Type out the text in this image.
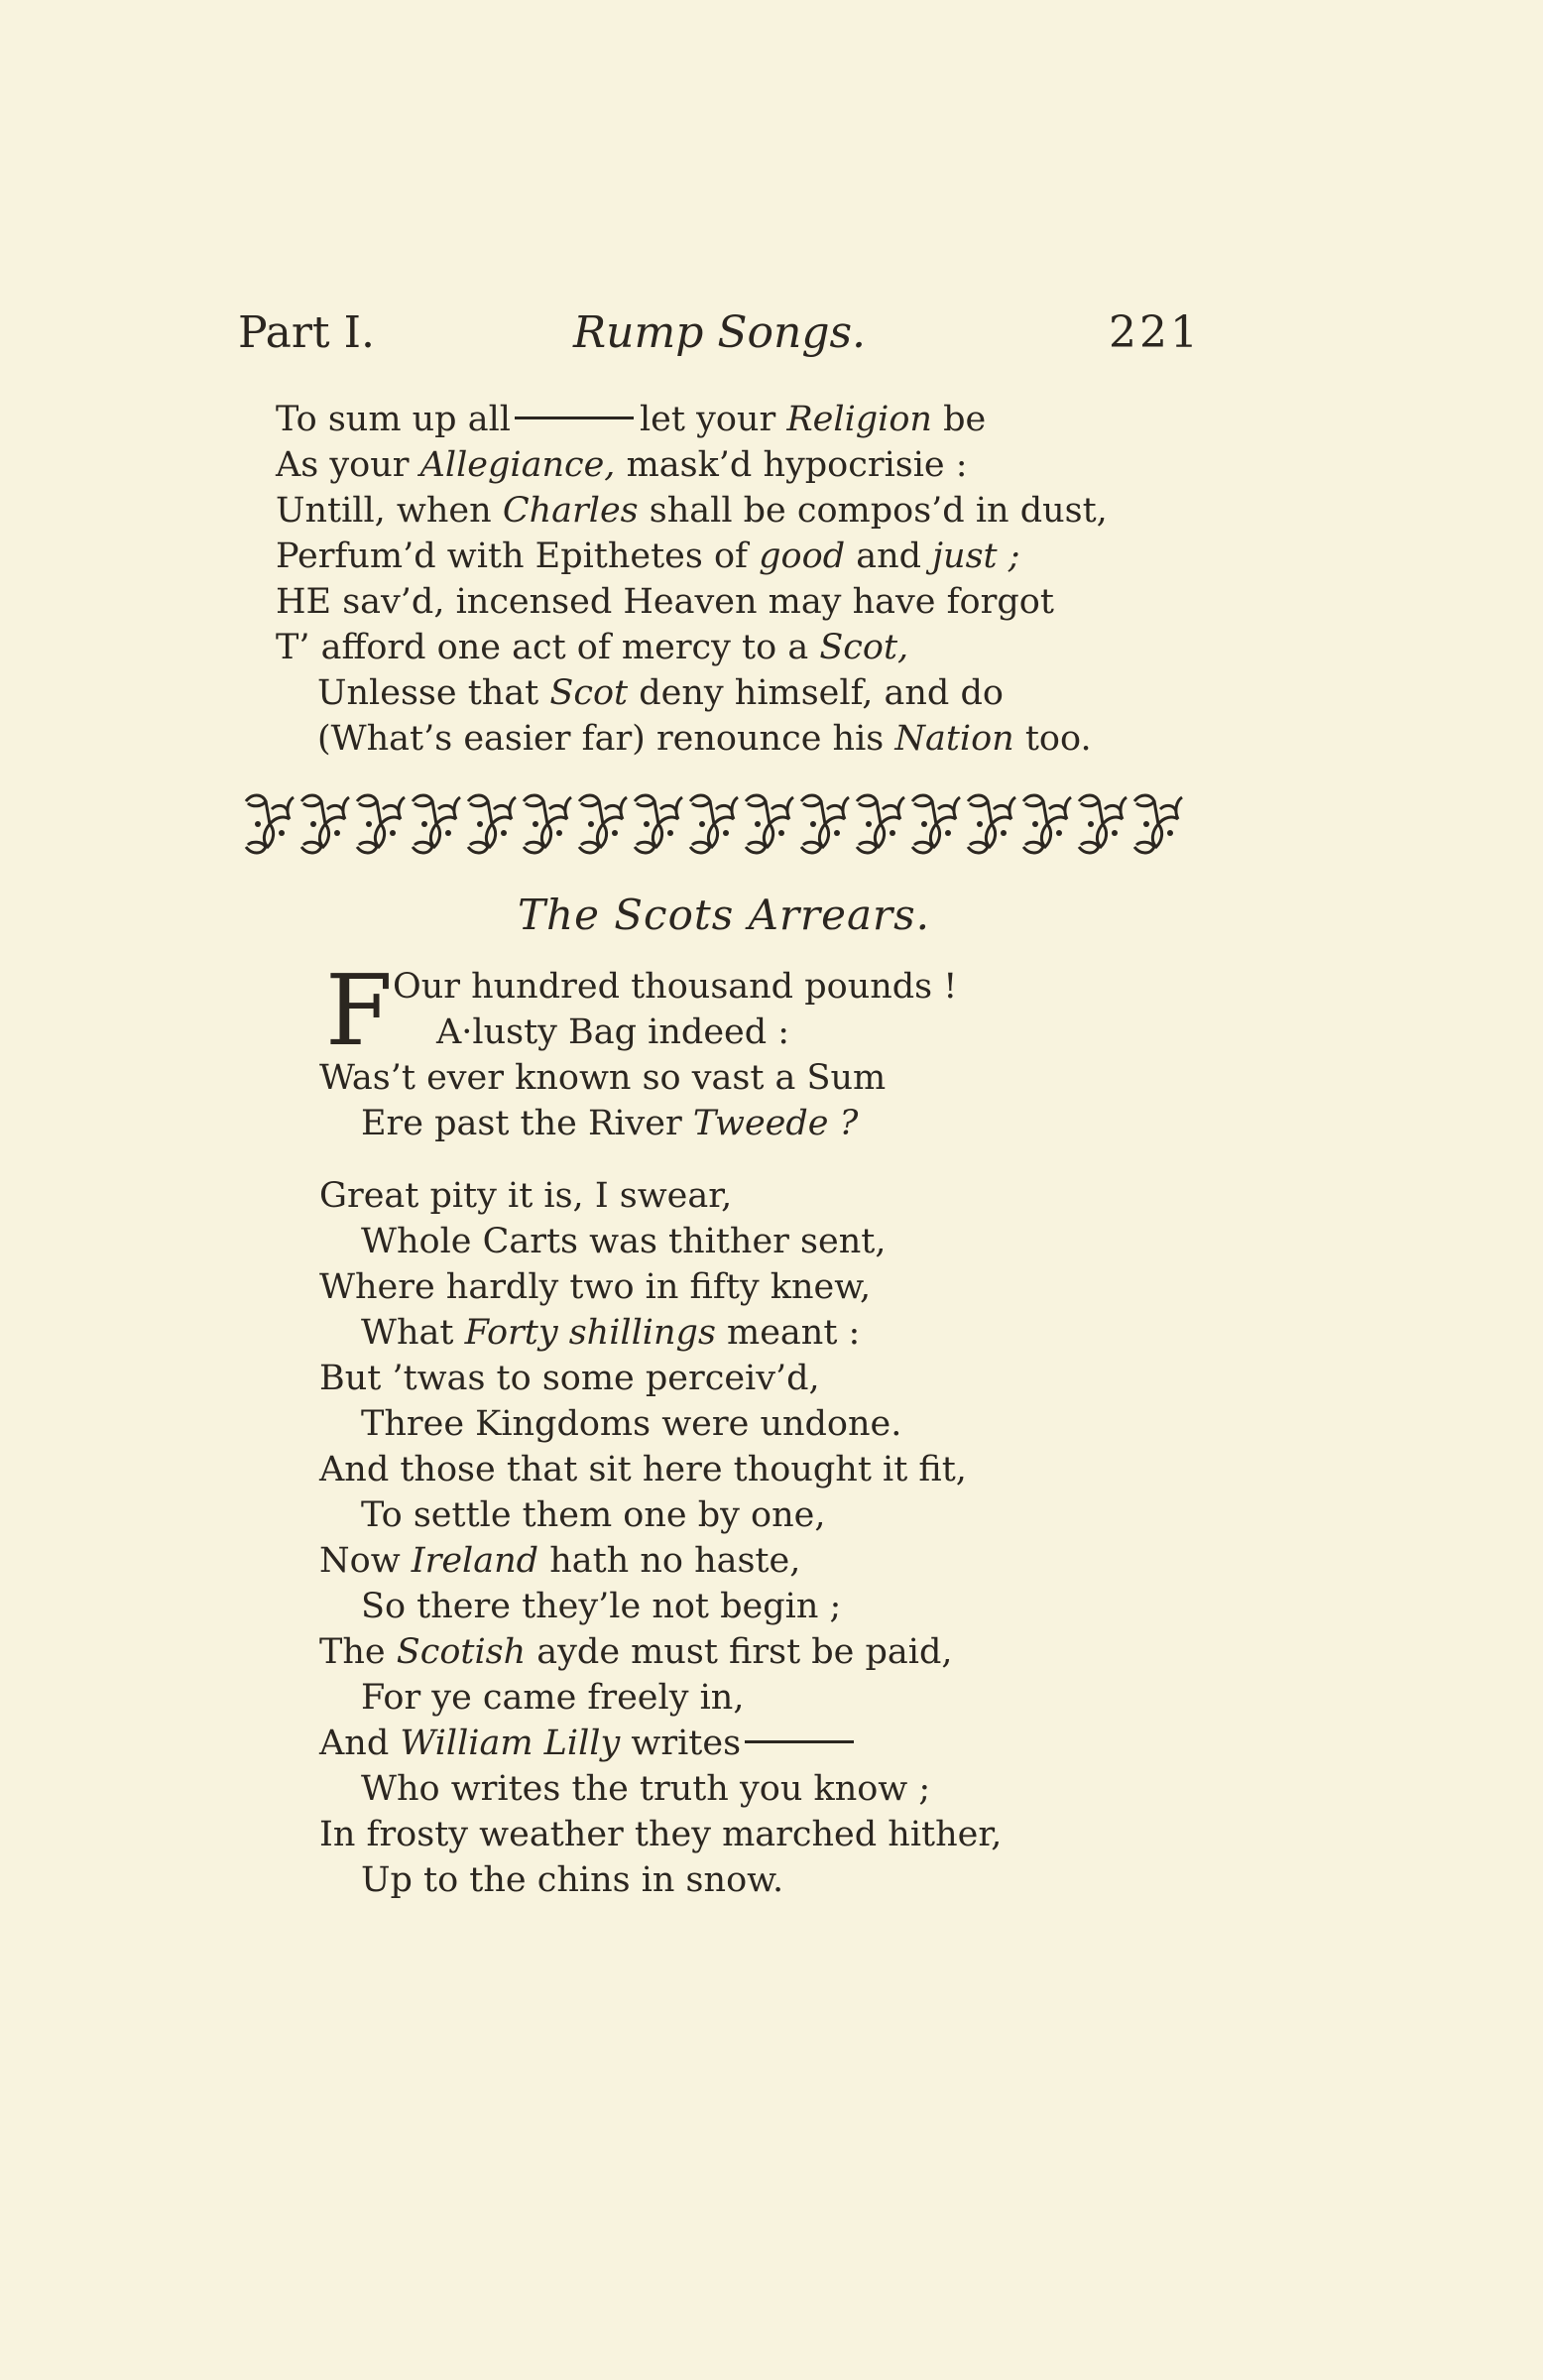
Part I.	Rump Songs.	221
To sum up all	let your Religion be
As your Allegiance, mask’d hypocrisie :
Untill, when Charles shall be compos’d in dust,
Perfum’d with Epithetes of good and just ;
HE sav’d, incensed Heaven may have forgot
T’ afford one act of mercy to a Scot,
Unlesse that Scot deny himself, and do
(What’s easier far) renounce his Nation too.
The Scots Arrears.
F Our hundred thousand pounds !
A·lusty Bag indeed :
Was’t ever known so vast a Sum
Ere past the River Tweede ?
Great pity it is, I swear,
Whole Carts was thither sent,
Where hardly two in fifty knew,
What Forty shillings meant :
But ’twas to some perceiv’d,
Three Kingdoms were undone.
And those that sit here thought it fit,
To settle them one by one,
Now Ireland hath no haste,
So there they’le not begin ;
The Scotish ayde must first be paid,
For ye came freely in,
And William Lilly writes
Who writes the truth you know ;
In frosty weather they marched hither,
Up to the chins in snow.
